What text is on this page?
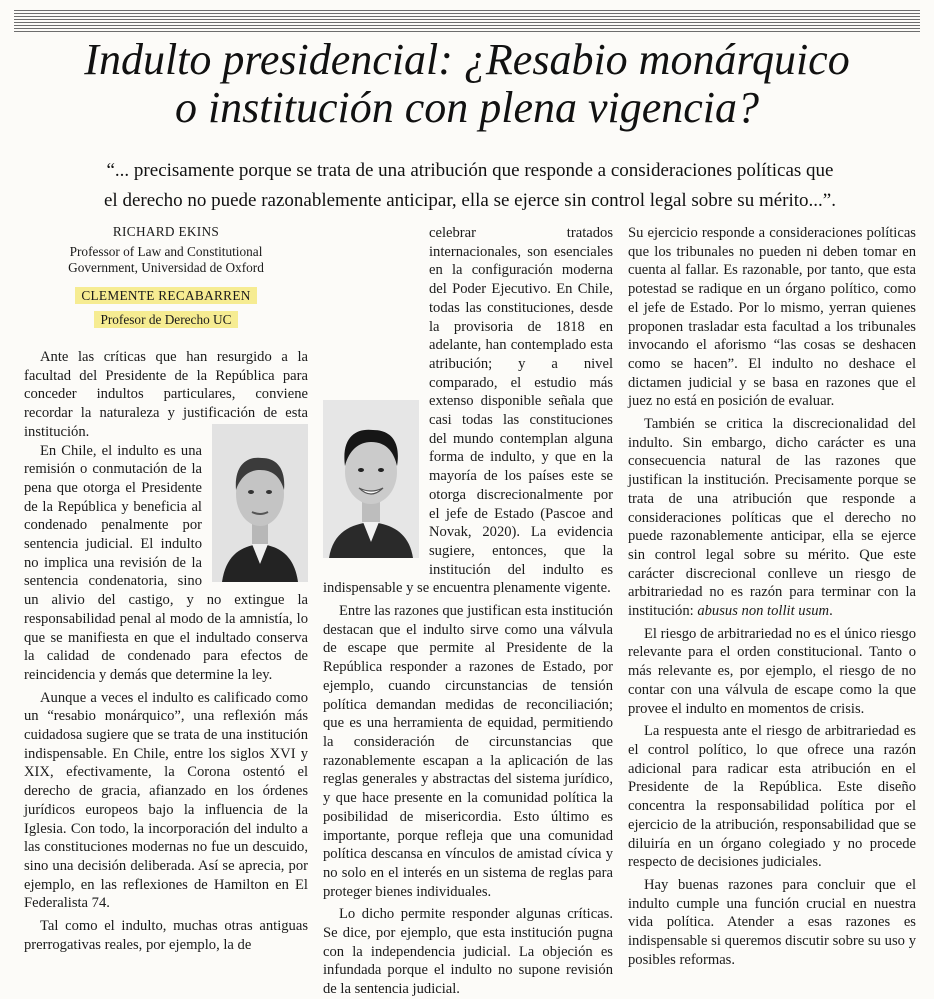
Indulto presidencial: ¿Resabio monárquico
o institución con plena vigencia?

“... precisamente porque se trata de una atribución que responde a consideraciones políticas que
el derecho no puede razonablemente anticipar, ella se ejerce sin control legal sobre su mérito...”.

RICHARD EKINS
Professor of Law and Constitutional
Government, Universidad de Oxford
CLEMENTE RECABARREN
Profesor de Derecho UC

Ante las críticas que han resurgido a la facultad del Presidente de la República para conceder indultos particulares, conviene recordar la naturaleza y justificación de esta institución.

En Chile, el indulto es una remisión o conmutación de la pena que otorga el Presidente de la República y beneficia al condenado penalmente por sentencia judicial. El indulto no implica una revisión de la sentencia condenatoria, sino un alivio del castigo, y no extingue la responsabilidad penal al modo de la amnistía, lo que se manifiesta en que el indultado conserva la calidad de condenado para efectos de reincidencia y demás que determine la ley.

Aunque a veces el indulto es calificado como un “resabio monárquico”, una reflexión más cuidadosa sugiere que se trata de una institución indispensable. En Chile, entre los siglos XVI y XIX, efectivamente, la Corona ostentó el derecho de gracia, afianzado en los órdenes jurídicos europeos bajo la influencia de la Iglesia. Con todo, la incorporación del indulto a las constituciones modernas no fue un descuido, sino una decisión deliberada. Así se aprecia, por ejemplo, en las reflexiones de Hamilton en El Federalista 74.

Tal como el indulto, muchas otras antiguas prerrogativas reales, por ejemplo, la de

celebrar tratados internacionales, son esenciales en la configuración moderna del Poder Ejecutivo. En Chile, todas las constituciones, desde la provisoria de 1818 en adelante, han contemplado esta atribución; y a nivel comparado, el estudio más extenso disponible señala que casi todas las constituciones del mundo contemplan alguna forma de indulto, y que en la mayoría de los países este se otorga discrecionalmente por el jefe de Estado (Pascoe and Novak, 2020). La evidencia sugiere, entonces, que la institución del indulto es indispensable y se encuentra plenamente vigente.

Entre las razones que justifican esta institución destacan que el indulto sirve como una válvula de escape que permite al Presidente de la República responder a razones de Estado, por ejemplo, cuando circunstancias de tensión política demandan medidas de reconciliación; que es una herramienta de equidad, permitiendo la consideración de circunstancias que razonablemente escapan a la aplicación de las reglas generales y abstractas del sistema jurídico, y que hace presente en la comunidad política la posibilidad de misericordia. Esto último es importante, porque refleja que una comunidad política descansa en vínculos de amistad cívica y no solo en el interés en un sistema de reglas para proteger bienes individuales.

Lo dicho permite responder algunas críticas. Se dice, por ejemplo, que esta institución pugna con la independencia judicial. La objeción es infundada porque el indulto no supone revisión de la sentencia judicial.

Su ejercicio responde a consideraciones políticas que los tribunales no pueden ni deben tomar en cuenta al fallar. Es razonable, por tanto, que esta potestad se radique en un órgano político, como el jefe de Estado. Por lo mismo, yerran quienes proponen trasladar esta facultad a los tribunales invocando el aforismo “las cosas se deshacen como se hacen”. El indulto no deshace el dictamen judicial y se basa en razones que el juez no está en posición de evaluar.

También se critica la discrecionalidad del indulto. Sin embargo, dicho carácter es una consecuencia natural de las razones que justifican la institución. Precisamente porque se trata de una atribución que responde a consideraciones políticas que el derecho no puede razonablemente anticipar, ella se ejerce sin control legal sobre su mérito. Que este carácter discrecional conlleve un riesgo de arbitrariedad no es razón para terminar con la institución: abusus non tollit usum.

El riesgo de arbitrariedad no es el único riesgo relevante para el orden constitucional. Tanto o más relevante es, por ejemplo, el riesgo de no contar con una válvula de escape como la que provee el indulto en momentos de crisis.

La respuesta ante el riesgo de arbitrariedad es el control político, lo que ofrece una razón adicional para radicar esta atribución en el Presidente de la República. Este diseño concentra la responsabilidad política por el ejercicio de la atribución, responsabilidad que se diluiría en un órgano colegiado y no procede respecto de decisiones judiciales.

Hay buenas razones para concluir que el indulto cumple una función crucial en nuestra vida política. Atender a esas razones es indispensable si queremos discutir sobre su uso y posibles reformas.
